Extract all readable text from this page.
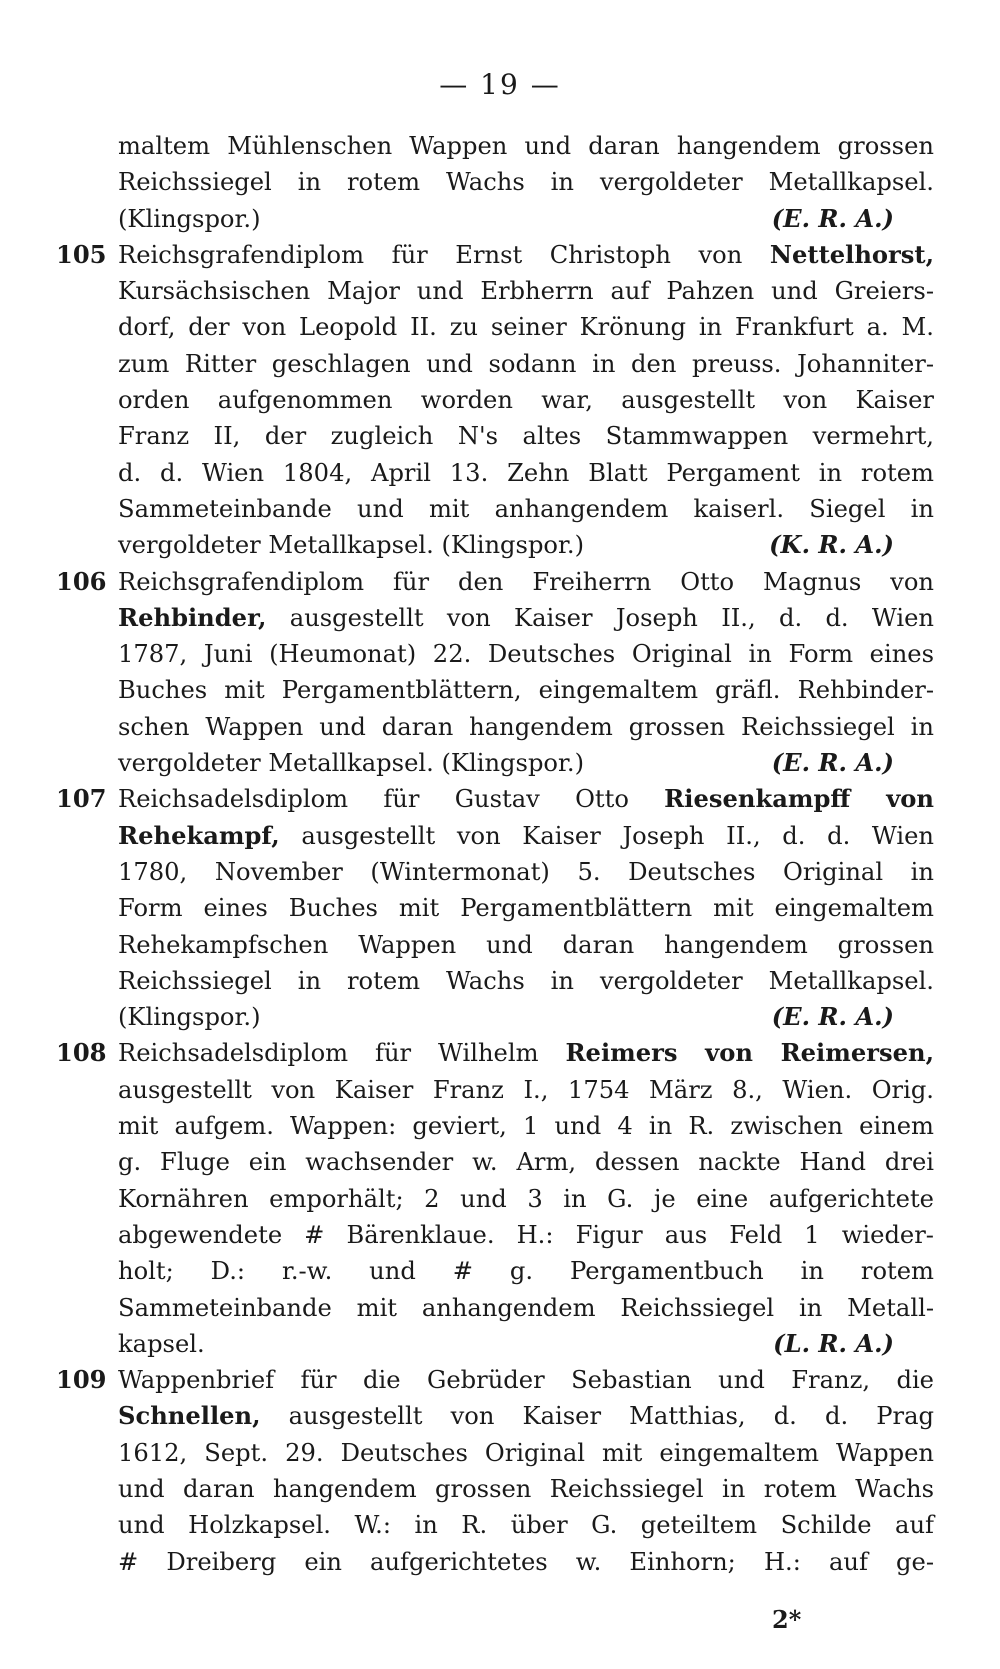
— 19 —
maltem Mühlenschen Wappen und daran hangendem grossen
Reichssiegel in rotem Wachs in vergoldeter Metallkapsel.
(Klingspor.)	(E. R. A.)
105 Reichsgrafendiplom für Ernst Christoph von Nettelhorst,
Kursächsischen Major und Erbherrn auf Pahzen und Greiers-
dorf, der von Leopold II. zu seiner Krönung in Frankfurt a. M.
zum Ritter geschlagen und sodann in den preuss. Johanniter-
orden aufgenommen worden war, ausgestellt von Kaiser
Franz II, der zugleich N's altes Stammwappen vermehrt,
d. d. Wien 1804, April 13. Zehn Blatt Pergament in rotem
Sammeteinbande und mit anhangendem kaiserl. Siegel in
vergoldeter Metallkapsel. (Klingspor.)	(K. R. A.)
106 Reichsgrafendiplom für den Freiherrn Otto Magnus von
Rehbinder, ausgestellt von Kaiser Joseph II., d. d. Wien
1787, Juni (Heumonat) 22. Deutsches Original in Form eines
Buches mit Pergamentblättern, eingemaltem gräfl. Rehbinder-
schen Wappen und daran hangendem grossen Reichssiegel in
vergoldeter Metallkapsel. (Klingspor.)	(E. R. A.)
107 Reichsadelsdiplom für Gustav Otto Riesenkampff von
Rehekampf, ausgestellt von Kaiser Joseph II., d. d. Wien
1780, November (Wintermonat) 5. Deutsches Original in
Form eines Buches mit Pergamentblättern mit eingemaltem
Rehekampfschen Wappen und daran hangendem grossen
Reichssiegel in rotem Wachs in vergoldeter Metallkapsel.
(Klingspor.)	(E. R. A.)
108 Reichsadelsdiplom für Wilhelm Reimers von Reimersen,
ausgestellt von Kaiser Franz I., 1754 März 8., Wien. Orig.
mit aufgem. Wappen: geviert, 1 und 4 in R. zwischen einem
g. Fluge ein wachsender w. Arm, dessen nackte Hand drei
Kornähren emporhält; 2 und 3 in G. je eine aufgerichtete
abgewendete # Bärenklaue. H.: Figur aus Feld 1 wieder-
holt; D.: r.-w. und # g. Pergamentbuch in rotem
Sammeteinbande mit anhangendem Reichssiegel in Metall-
kapsel.	(L. R. A.)
109 Wappenbrief für die Gebrüder Sebastian und Franz, die
Schnellen, ausgestellt von Kaiser Matthias, d. d. Prag
1612, Sept. 29. Deutsches Original mit eingemaltem Wappen
und daran hangendem grossen Reichssiegel in rotem Wachs
und Holzkapsel. W.: in R. über G. geteiltem Schilde auf
# Dreiberg ein aufgerichtetes w. Einhorn; H.: auf ge-
2*
